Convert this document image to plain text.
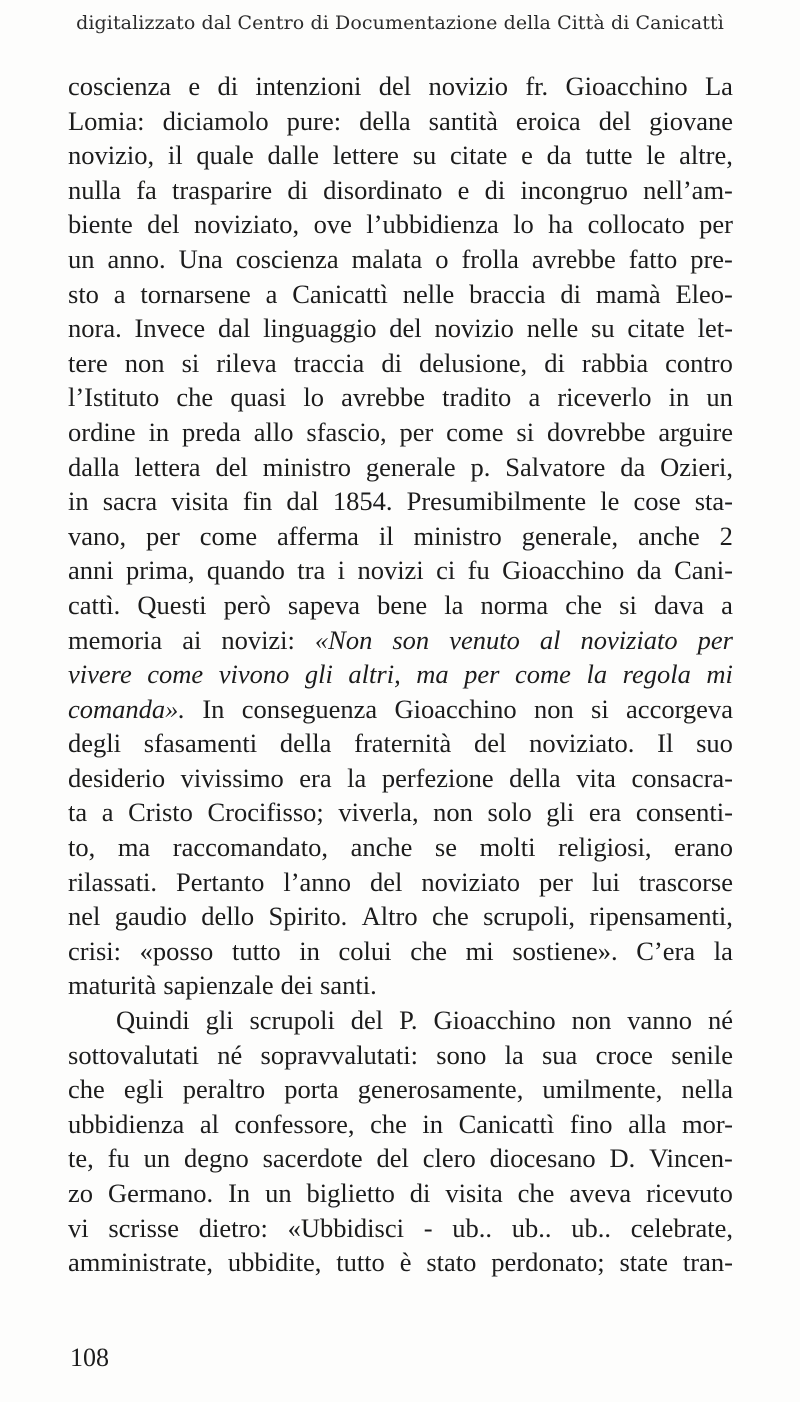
digitalizzato dal Centro di Documentazione della Città di Canicattì
coscienza e di intenzioni del novizio fr. Gioacchino La
Lomia: diciamolo pure: della santità eroica del giovane
novizio, il quale dalle lettere su citate e da tutte le altre,
nulla fa trasparire di disordinato e di incongruo nell’am-
biente del noviziato, ove l’ubbidienza lo ha collocato per
un anno. Una coscienza malata o frolla avrebbe fatto pre-
sto a tornarsene a Canicattì nelle braccia di mamà Eleo-
nora. Invece dal linguaggio del novizio nelle su citate let-
tere non si rileva traccia di delusione, di rabbia contro
l’Istituto che quasi lo avrebbe tradito a riceverlo in un
ordine in preda allo sfascio, per come si dovrebbe arguire
dalla lettera del ministro generale p. Salvatore da Ozieri,
in sacra visita fin dal 1854. Presumibilmente le cose sta-
vano, per come afferma il ministro generale, anche 2
anni prima, quando tra i novizi ci fu Gioacchino da Cani-
cattì. Questi però sapeva bene la norma che si dava a
memoria ai novizi: «Non son venuto al noviziato per
vivere come vivono gli altri, ma per come la regola mi
comanda». In conseguenza Gioacchino non si accorgeva
degli sfasamenti della fraternità del noviziato. Il suo
desiderio vivissimo era la perfezione della vita consacra-
ta a Cristo Crocifisso; viverla, non solo gli era consenti-
to, ma raccomandato, anche se molti religiosi, erano
rilassati. Pertanto l’anno del noviziato per lui trascorse
nel gaudio dello Spirito. Altro che scrupoli, ripensamenti,
crisi: «posso tutto in colui che mi sostiene». C’era la
maturità sapienzale dei santi.
Quindi gli scrupoli del P. Gioacchino non vanno né
sottovalutati né sopravvalutati: sono la sua croce senile
che egli peraltro porta generosamente, umilmente, nella
ubbidienza al confessore, che in Canicattì fino alla mor-
te, fu un degno sacerdote del clero diocesano D. Vincen-
zo Germano. In un biglietto di visita che aveva ricevuto
vi scrisse dietro: «Ubbidisci - ub.. ub.. ub.. celebrate,
amministrate, ubbidite, tutto è stato perdonato; state tran-
108
